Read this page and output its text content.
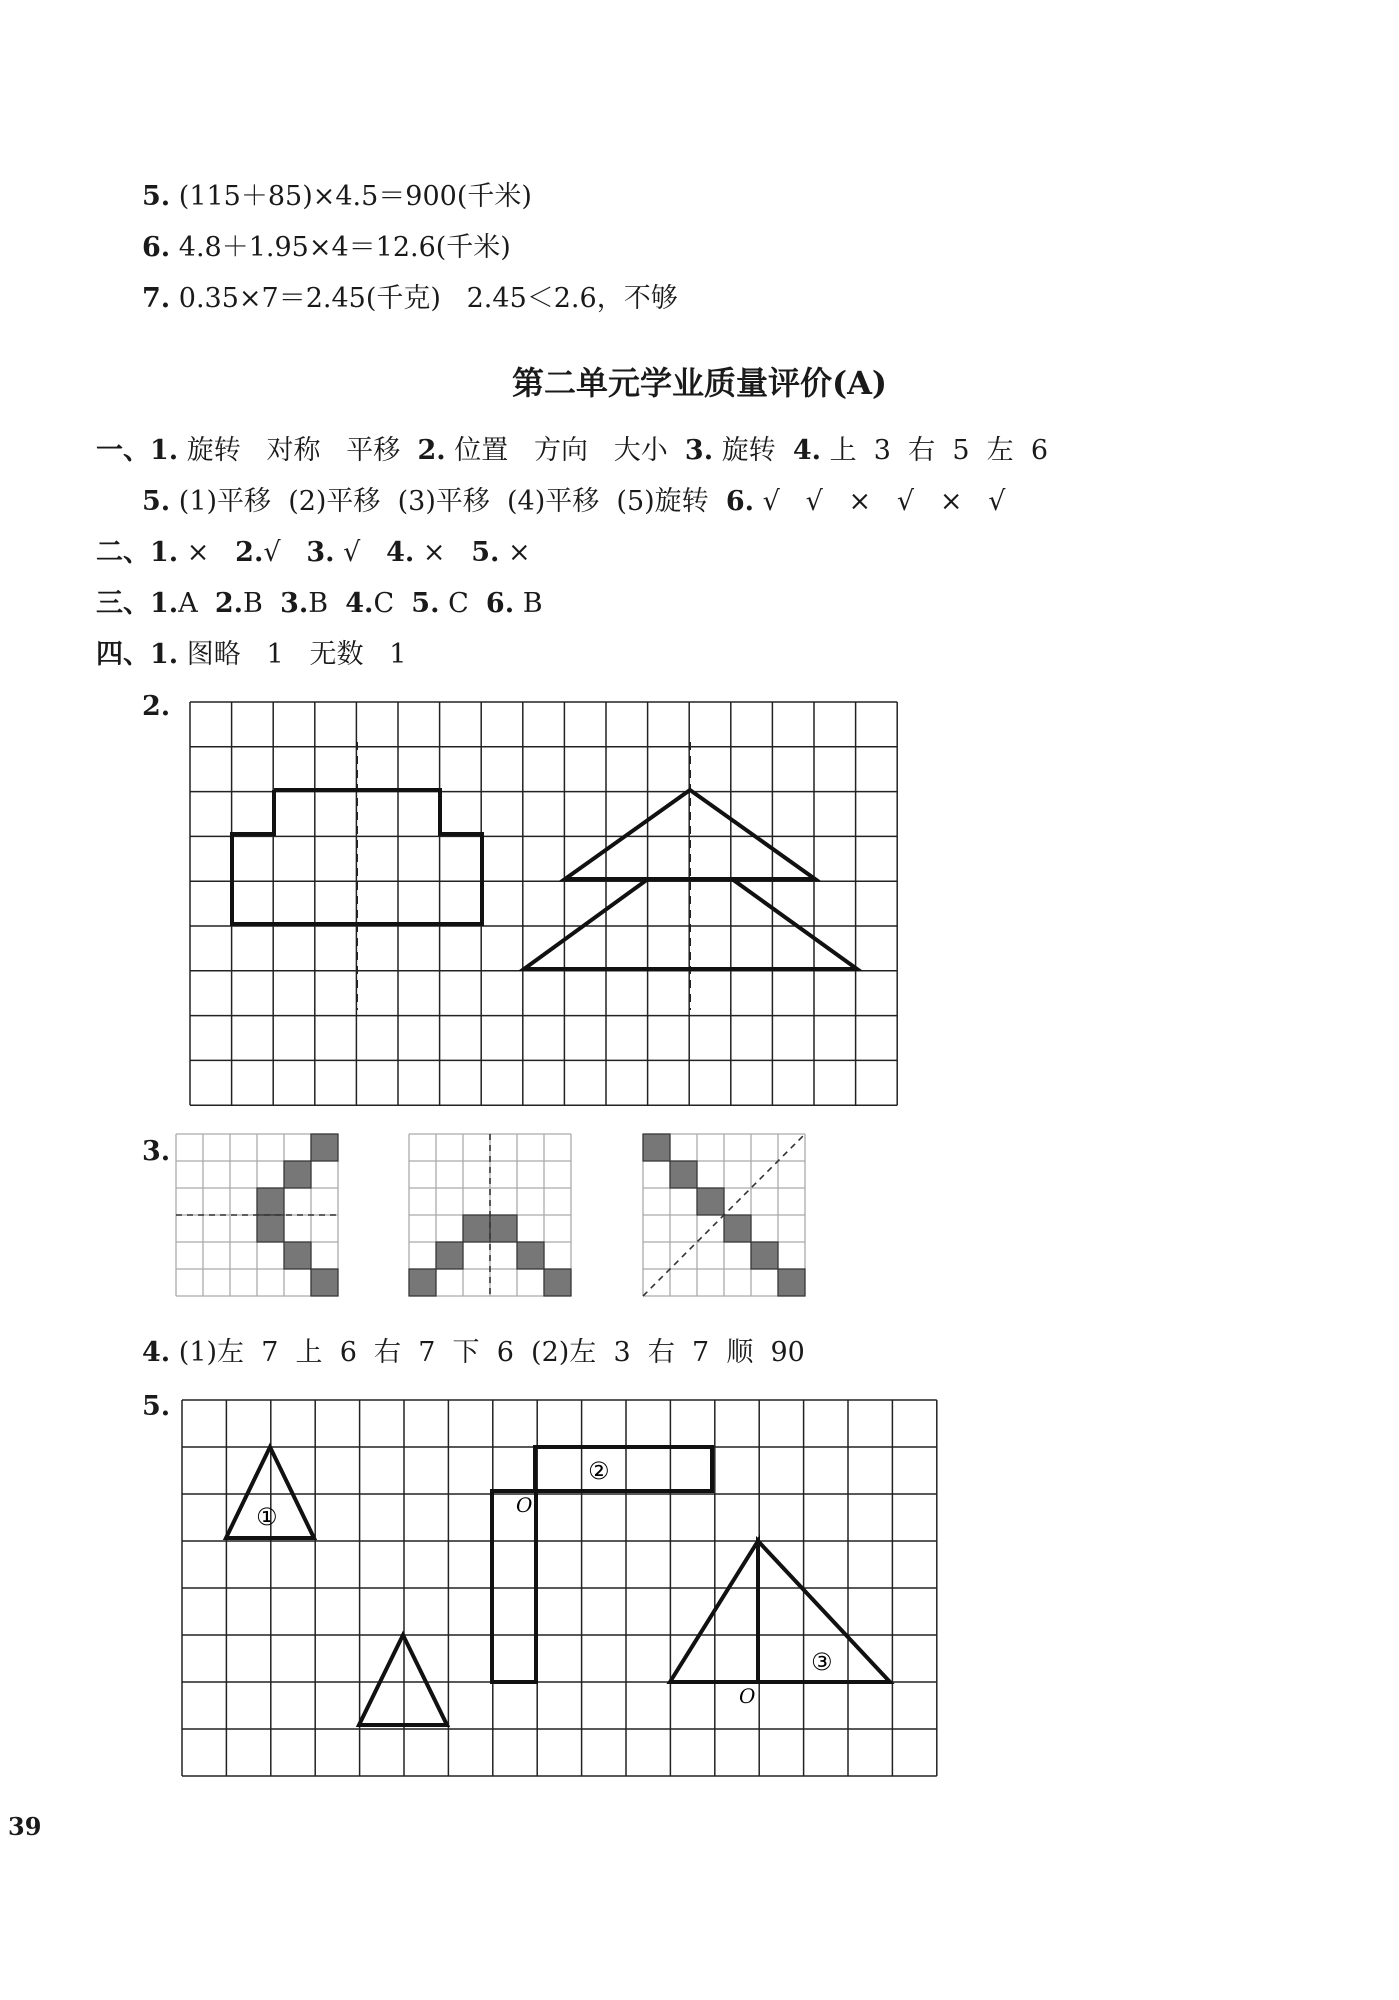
5. (115＋85)×4.5＝900(千米)
6. 4.8＋1.95×4＝12.6(千米)
7. 0.35×7＝2.45(千克)   2.45＜2.6，不够
第二单元学业质量评价(A)
一、1. 旋转   对称   平移 2. 位置   方向   大小 3. 旋转 4. 上  3  右  5  左  6
5. (1)平移  (2)平移  (3)平移  (4)平移  (5)旋转 6. √   √   ×   √   ×   √
二、1. × 2.√ 3. √ 4. × 5. ×
三、1.A 2.B 3.B 4.C 5. C 6. B
四、1. 图略   1   无数   1
2.
3.
4. (1)左  7  上  6  右  7  下  6  (2)左  3  右  7  顺  90
5.
①
②
③
O
O
39
